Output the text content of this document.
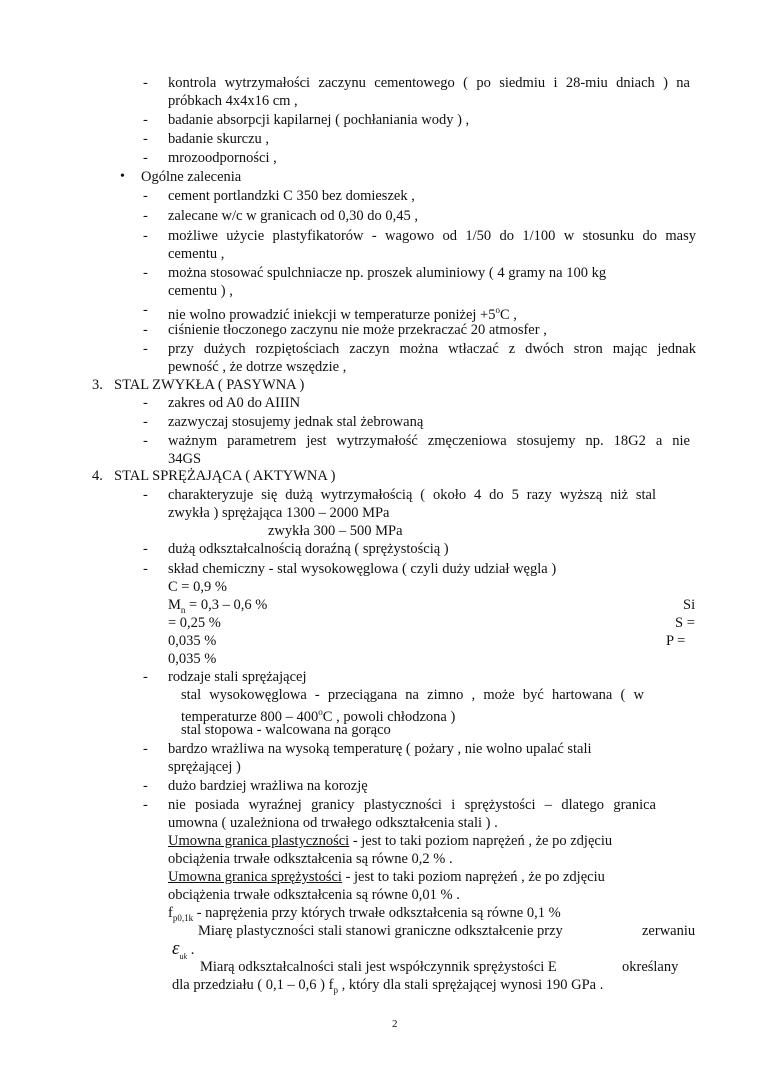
- kontrola wytrzymałości zaczynu cementowego ( po siedmiu i 28-miu dniach ) na
próbkach 4x4x16 cm ,
- badanie absorpcji kapilarnej ( pochłaniania wody ) ,
- badanie skurczu ,
- mrozoodporności ,
• Ogólne zalecenia
- cement portlandzki C 350 bez domieszek ,
- zalecane w/c w granicach od 0,30 do 0,45 ,
- możliwe użycie plastyfikatorów - wagowo od 1/50 do 1/100 w stosunku do masy
cementu ,
- można stosować spulchniacze np. proszek aluminiowy ( 4 gramy na 100 kg
cementu ) ,
- nie wolno prowadzić iniekcji w temperaturze poniżej $+5^oC$ ,
- ciśnienie tłoczonego zaczynu nie może przekraczać 20 atmosfer ,
- przy dużych rozpiętościach zaczyn można wtłaczać z dwóch stron mając jednak
pewność , że dotrze wszędzie ,
3. STAL ZWYKŁA ( PASYWNA )
- zakres od A0 do AIIIN
- zazwyczaj stosujemy jednak stal żebrowaną
- ważnym parametrem jest wytrzymałość zmęczeniowa stosujemy np. 18G2 a nie
34GS
4. STAL SPRĘŻAJĄCA ( AKTYWNA )
- charakteryzuje się dużą wytrzymałością ( około 4 do 5 razy wyższą niż stal
zwykła ) sprężająca 1300 – 2000 MPa
zwykła 300 – 500 MPa
- dużą odkształcalnością doraźną ( sprężystością )
- skład chemiczny - stal wysokowęglowa ( czyli duży udział węgla )
C = 0,9 %
$M_n = 0,3 - 0,6$ %	Si
= 0,25 %	S =
0,035 %	P =
0,035 %
- rodzaje stali sprężającej
stal wysokowęglowa - przeciągana na zimno , może być hartowana ( w
temperaturze 800 – 400$^o$C , powoli chłodzona )
stal stopowa - walcowana na gorąco
- bardzo wrażliwa na wysoką temperaturę ( pożary , nie wolno upalać stali
sprężającej )
- dużo bardziej wrażliwa na korozję
- nie posiada wyraźnej granicy plastyczności i sprężystości – dlatego granica
umowna ( uzależniona od trwałego odkształcenia stali ) .
Umowna granica plastyczności - jest to taki poziom naprężeń , że po zdjęciu
obciążenia trwałe odkształcenia są równe 0,2 % .
Umowna granica sprężystości - jest to taki poziom naprężeń , że po zdjęciu
obciążenia trwałe odkształcenia są równe 0,01 % .
$f_{p0,1k}$ - naprężenia przy których trwałe odkształcenia są równe 0,1 %
Miarę plastyczności stali stanowi graniczne odkształcenie przy	zerwaniu
$\varepsilon_{uk}$ .
Miarą odkształcalności stali jest współczynnik sprężystości E	określany
dla przedziału ( 0,1 – 0,6 ) $f_p$ , który dla stali sprężającej wynosi 190 GPa .
2
